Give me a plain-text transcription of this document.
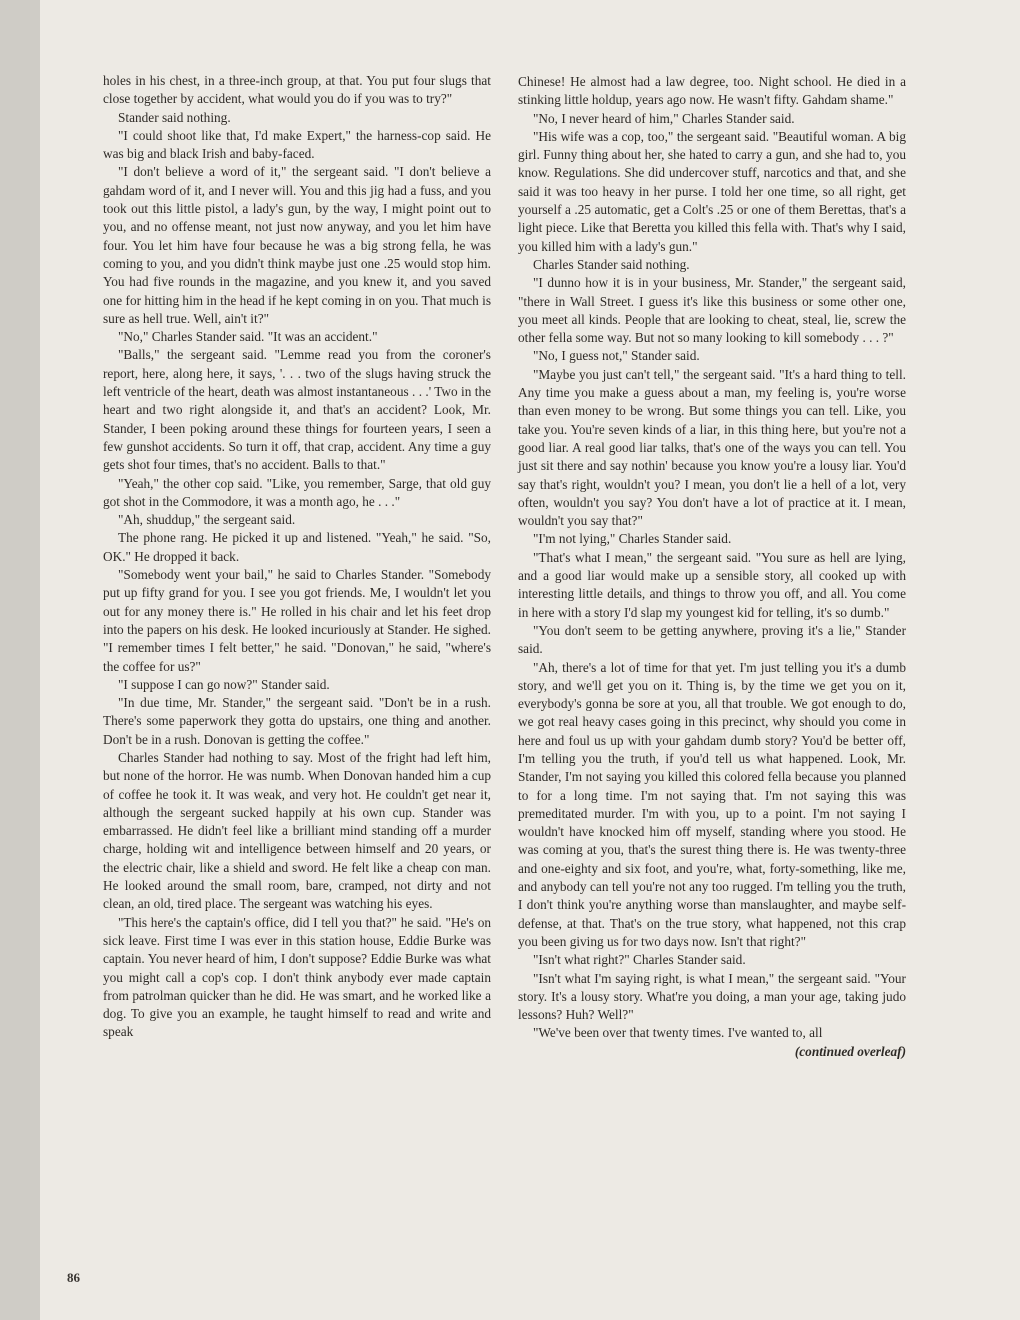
holes in his chest, in a three-inch group, at that. You put four slugs that close together by accident, what would you do if you was to try?"

Stander said nothing.

"I could shoot like that, I'd make Expert," the harness-cop said. He was big and black Irish and baby-faced.

"I don't believe a word of it," the sergeant said. "I don't believe a gahdam word of it, and I never will. You and this jig had a fuss, and you took out this little pistol, a lady's gun, by the way, I might point out to you, and no offense meant, not just now anyway, and you let him have four. You let him have four because he was a big strong fella, he was coming to you, and you didn't think maybe just one .25 would stop him. You had five rounds in the magazine, and you knew it, and you saved one for hitting him in the head if he kept coming in on you. That much is sure as hell true. Well, ain't it?"

"No," Charles Stander said. "It was an accident."

"Balls," the sergeant said. "Lemme read you from the coroner's report, here, along here, it says, '. . . two of the slugs having struck the left ventricle of the heart, death was almost instantaneous . . .' Two in the heart and two right alongside it, and that's an accident? Look, Mr. Stander, I been poking around these things for fourteen years, I seen a few gunshot accidents. So turn it off, that crap, accident. Any time a guy gets shot four times, that's no accident. Balls to that."

"Yeah," the other cop said. "Like, you remember, Sarge, that old guy got shot in the Commodore, it was a month ago, he . . ."

"Ah, shuddup," the sergeant said.

The phone rang. He picked it up and listened. "Yeah," he said. "So, OK." He dropped it back.

"Somebody went your bail," he said to Charles Stander. "Somebody put up fifty grand for you. I see you got friends. Me, I wouldn't let you out for any money there is." He rolled in his chair and let his feet drop into the papers on his desk. He looked incuriously at Stander. He sighed. "I remember times I felt better," he said. "Donovan," he said, "where's the coffee for us?"

"I suppose I can go now?" Stander said.

"In due time, Mr. Stander," the sergeant said. "Don't be in a rush. There's some paperwork they gotta do upstairs, one thing and another. Don't be in a rush. Donovan is getting the coffee."

Charles Stander had nothing to say. Most of the fright had left him, but none of the horror. He was numb. When Donovan handed him a cup of coffee he took it. It was weak, and very hot. He couldn't get near it, although the sergeant sucked happily at his own cup. Stander was embarrassed. He didn't feel like a brilliant mind standing off a murder charge, holding wit and intelligence between himself and 20 years, or the electric chair, like a shield and sword. He felt like a cheap con man. He looked around the small room, bare, cramped, not dirty and not clean, an old, tired place. The sergeant was watching his eyes.

"This here's the captain's office, did I tell you that?" he said. "He's on sick leave. First time I was ever in this station house, Eddie Burke was captain. You never heard of him, I don't suppose? Eddie Burke was what you might call a cop's cop. I don't think anybody ever made captain from patrolman quicker than he did. He was smart, and he worked like a dog. To give you an example, he taught himself to read and write and speak

Chinese! He almost had a law degree, too. Night school. He died in a stinking little holdup, years ago now. He wasn't fifty. Gahdam shame."

"No, I never heard of him," Charles Stander said.

"His wife was a cop, too," the sergeant said. "Beautiful woman. A big girl. Funny thing about her, she hated to carry a gun, and she had to, you know. Regulations. She did undercover stuff, narcotics and that, and she said it was too heavy in her purse. I told her one time, so all right, get yourself a .25 automatic, get a Colt's .25 or one of them Berettas, that's a light piece. Like that Beretta you killed this fella with. That's why I said, you killed him with a lady's gun."

Charles Stander said nothing.

"I dunno how it is in your business, Mr. Stander," the sergeant said, "there in Wall Street. I guess it's like this business or some other one, you meet all kinds. People that are looking to cheat, steal, lie, screw the other fella some way. But not so many looking to kill somebody . . . ?"

"No, I guess not," Stander said.

"Maybe you just can't tell," the sergeant said. "It's a hard thing to tell. Any time you make a guess about a man, my feeling is, you're worse than even money to be wrong. But some things you can tell. Like, you take you. You're seven kinds of a liar, in this thing here, but you're not a good liar. A real good liar talks, that's one of the ways you can tell. You just sit there and say nothin' because you know you're a lousy liar. You'd say that's right, wouldn't you? I mean, you don't lie a hell of a lot, very often, wouldn't you say? You don't have a lot of practice at it. I mean, wouldn't you say that?"

"I'm not lying," Charles Stander said.

"That's what I mean," the sergeant said. "You sure as hell are lying, and a good liar would make up a sensible story, all cooked up with interesting little details, and things to throw you off, and all. You come in here with a story I'd slap my youngest kid for telling, it's so dumb."

"You don't seem to be getting anywhere, proving it's a lie," Stander said.

"Ah, there's a lot of time for that yet. I'm just telling you it's a dumb story, and we'll get you on it. Thing is, by the time we get you on it, everybody's gonna be sore at you, all that trouble. We got enough to do, we got real heavy cases going in this precinct, why should you come in here and foul us up with your gahdam dumb story? You'd be better off, I'm telling you the truth, if you'd tell us what happened. Look, Mr. Stander, I'm not saying you killed this colored fella because you planned to for a long time. I'm not saying that. I'm not saying this was premeditated murder. I'm with you, up to a point. I'm not saying I wouldn't have knocked him off myself, standing where you stood. He was coming at you, that's the surest thing there is. He was twenty-three and one-eighty and six foot, and you're, what, forty-something, like me, and anybody can tell you're not any too rugged. I'm telling you the truth, I don't think you're anything worse than manslaughter, and maybe self-defense, at that. That's on the true story, what happened, not this crap you been giving us for two days now. Isn't that right?"

"Isn't what right?" Charles Stander said.

"Isn't what I'm saying right, is what I mean," the sergeant said. "Your story. It's a lousy story. What're you doing, a man your age, taking judo lessons? Huh? Well?"

"We've been over that twenty times. I've wanted to, all

(continued overleaf)

86
